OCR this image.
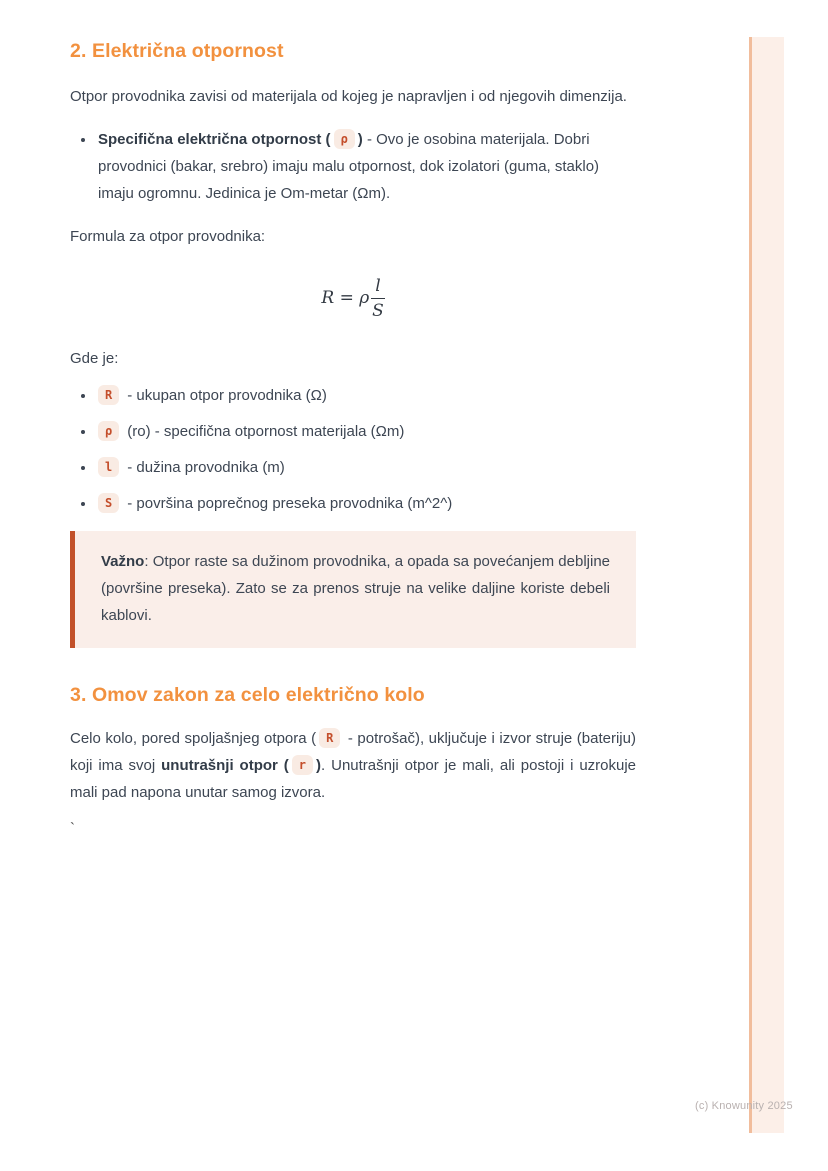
2. Električna otpornost

Otpor provodnika zavisi od materijala od kojeg je napravljen i od njegovih dimenzija.

• Specifična električna otpornost ( ρ ) - Ovo je osobina materijala. Dobri provodnici (bakar, srebro) imaju malu otpornost, dok izolatori (guma, staklo) imaju ogromnu. Jedinica je Om-metar (Ωm).

Formula za otpor provodnika:

R = ρ $\frac{l}{S}$

Gde je:

• R - ukupan otpor provodnika (Ω)
• ρ (ro) - specifična otpornost materijala (Ωm)
• l - dužina provodnika (m)
• S - površina poprečnog preseka provodnika (m^2^)

Važno: Otpor raste sa dužinom provodnika, a opada sa povećanjem debljine (površine preseka). Zato se za prenos struje na velike daljine koriste debeli kablovi.

3. Omov zakon za celo električno kolo

Celo kolo, pored spoljašnjeg otpora ( R - potrošač), uključuje i izvor struje (bateriju) koji ima svoj unutrašnji otpor ( r ). Unutrašnji otpor je mali, ali postoji i uzrokuje mali pad napona unutar samog izvora.

`
(c) Knowunity 2025
